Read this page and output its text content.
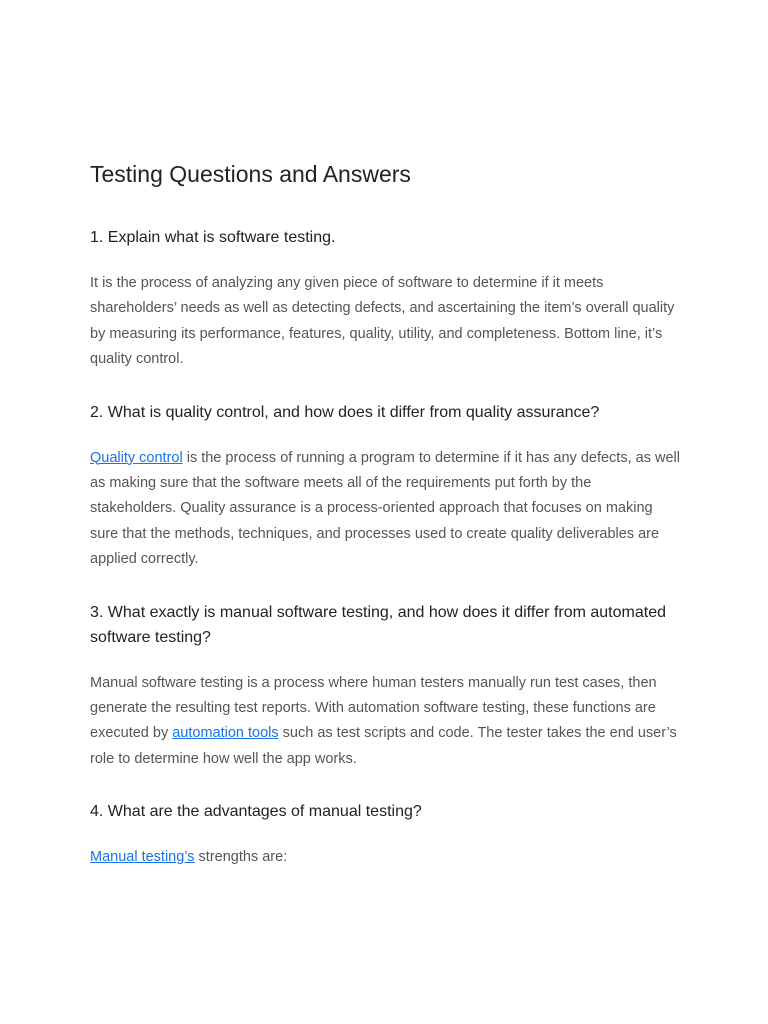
Testing Questions and Answers
1. Explain what is software testing.

It is the process of analyzing any given piece of software to determine if it meets shareholders’ needs as well as detecting defects, and ascertaining the item’s overall quality by measuring its performance, features, quality, utility, and completeness. Bottom line, it’s quality control.

2. What is quality control, and how does it differ from quality assurance?

Quality control is the process of running a program to determine if it has any defects, as well as making sure that the software meets all of the requirements put forth by the stakeholders. Quality assurance is a process-oriented approach that focuses on making sure that the methods, techniques, and processes used to create quality deliverables are applied correctly.

3. What exactly is manual software testing, and how does it differ from automated software testing?

Manual software testing is a process where human testers manually run test cases, then generate the resulting test reports. With automation software testing, these functions are executed by automation tools such as test scripts and code. The tester takes the end user’s role to determine how well the app works.

4. What are the advantages of manual testing?

Manual testing’s strengths are:
